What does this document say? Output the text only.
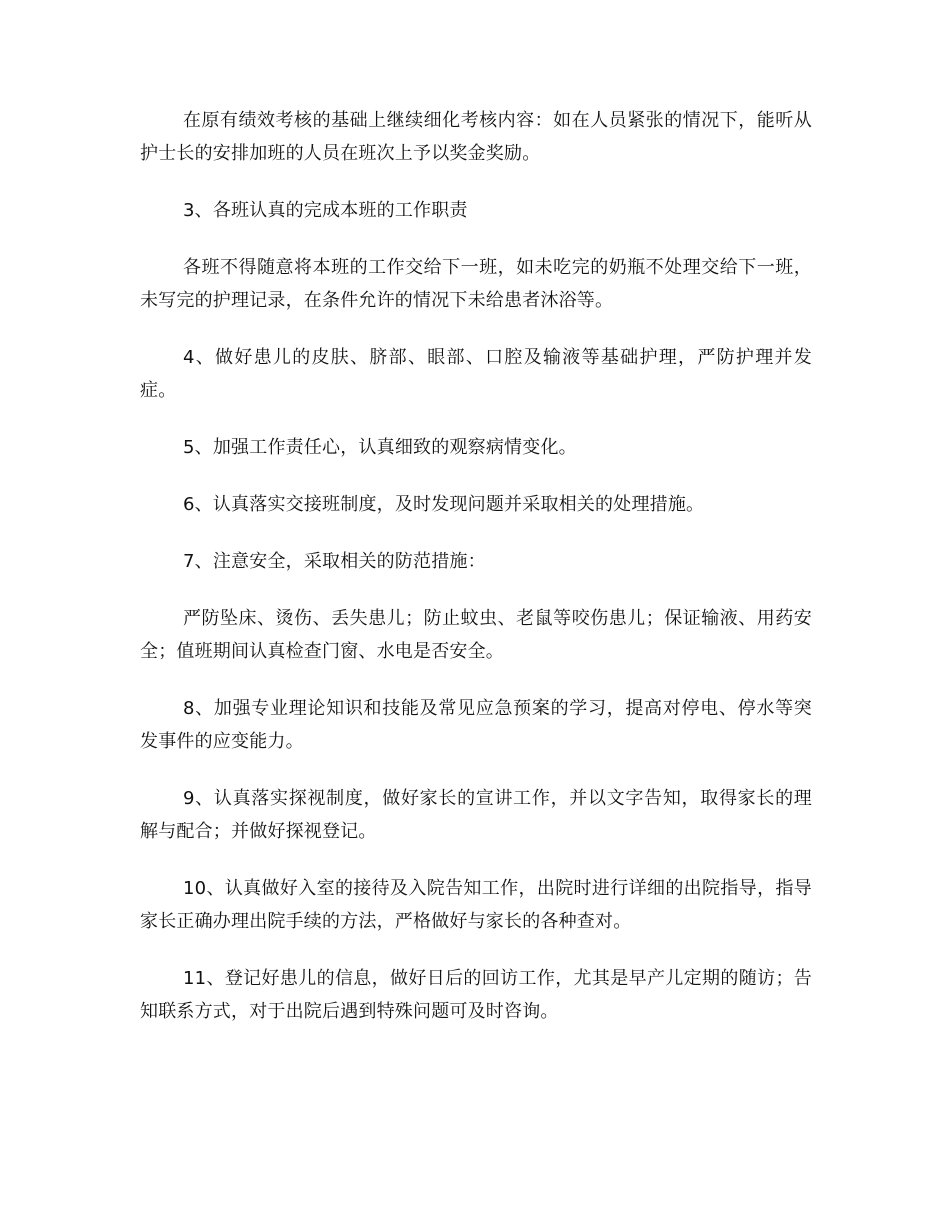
在原有绩效考核的基础上继续细化考核内容：如在人员紧张的情况下，能听从护士长的安排加班的人员在班次上予以奖金奖励。

3、各班认真的完成本班的工作职责

各班不得随意将本班的工作交给下一班，如未吃完的奶瓶不处理交给下一班，未写完的护理记录，在条件允许的情况下未给患者沐浴等。

4、做好患儿的皮肤、脐部、眼部、口腔及输液等基础护理，严防护理并发症。

5、加强工作责任心，认真细致的观察病情变化。

6、认真落实交接班制度，及时发现问题并采取相关的处理措施。

7、注意安全，采取相关的防范措施：

严防坠床、烫伤、丢失患儿；防止蚊虫、老鼠等咬伤患儿；保证输液、用药安全；值班期间认真检查门窗、水电是否安全。

8、加强专业理论知识和技能及常见应急预案的学习，提高对停电、停水等突发事件的应变能力。

9、认真落实探视制度，做好家长的宣讲工作，并以文字告知，取得家长的理解与配合；并做好探视登记。

10、认真做好入室的接待及入院告知工作，出院时进行详细的出院指导，指导家长正确办理出院手续的方法，严格做好与家长的各种查对。

11、登记好患儿的信息，做好日后的回访工作，尤其是早产儿定期的随访；告知联系方式，对于出院后遇到特殊问题可及时咨询。
